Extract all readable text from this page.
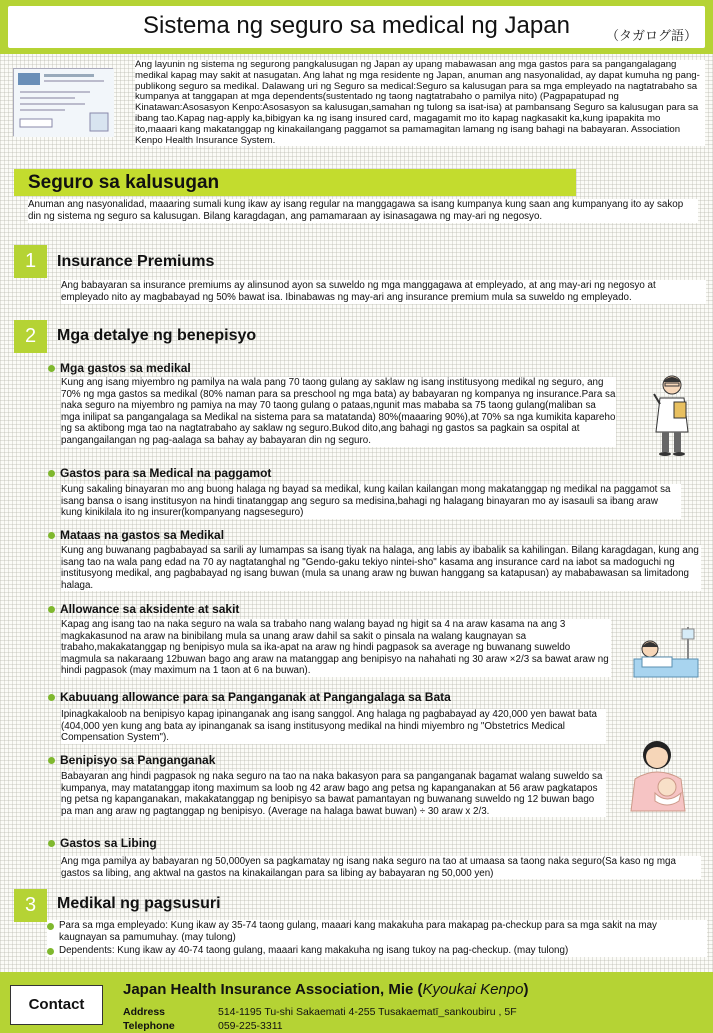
Sistema ng seguro sa medical ng Japan	（タガログ語）
Ang layunin ng sistema ng segurong pangkalusugan ng Japan ay upang mabawasan ang mga gastos para sa pangangalagang medikal kapag may sakit at nasugatan. Ang lahat ng mga residente ng Japan, anuman ang nasyonalidad, ay dapat kumuha ng pang-publikong seguro sa medikal. Dalawang uri ng Seguro sa medical:Seguro sa kalusugan para sa mga empleyado na nagtatrabaho sa kumpanya at tanggapan at mga dependents(sustentado ng taong nagtatrabaho o pamilya nito) (Pagpapatupad ng Kinatawan:Asosasyon Kenpo:Asosasyon sa kalusugan,samahan ng tulong sa isat-isa) at pambansang Seguro sa kalusugan para sa ibang tao.Kapag nag-apply ka,bibigyan ka ng isang insured card, magagamit mo ito kapag nagkasakit ka,kung ipapakita mo ito,maaari kang makatanggap ng kinakailangang paggamot sa pamamagitan lamang ng isang bahagi na babayaran. Association Kenpo Health Insurance System.
Seguro sa kalusugan
Anuman ang nasyonalidad, maaaring sumali kung ikaw ay isang regular na manggagawa sa isang kumpanya kung saan ang kumpanyang ito ay sakop din ng sistema ng seguro sa kalusugan. Bilang karagdagan, ang pamamaraan ay isinasagawa ng may-ari ng negosyo.
1	Insurance Premiums
Ang babayaran sa insurance premiums ay alinsunod ayon sa suweldo ng mga manggagawa at empleyado, at ang may-ari ng negosyo at empleyado nito ay magbabayad ng 50% bawat isa. Ibinabawas ng may-ari ang insurance premium mula sa suweldo ng empleyado.
2	Mga detalye ng benepisyo
Mga gastos sa medikal
Kung ang isang miyembro ng pamilya na wala pang 70 taong gulang ay saklaw ng isang institusyong medikal ng seguro, ang 70% ng mga gastos sa medikal (80% naman para sa preschool ng mga bata) ay babayaran ng kompanya ng insurance.Para sa naka seguro na miyembro ng pamiya na may 70 taong gulang o pataas,ngunit mas mababa sa 75 taong gulang(maliban sa mga inilipat sa pangangalaga sa Medikal na sistema para sa matatanda) 80%(maaaring 90%),at 70% sa nga kumikita kapareho ng sa aktibong mga tao na nagtatrabaho ay saklaw ng seguro.Bukod dito,ang bahagi ng gastos sa pagkain sa ospital at pangangailangan ng pag-aalaga sa bahay ay babayaran din ng seguro.
Gastos para sa Medical na paggamot
Kung sakaling binayaran mo ang buong halaga ng bayad sa medikal, kung kailan kailangan mong makatanggap ng medikal na paggamot sa isang bansa o isang institusyon na hindi tinatanggap ang seguro sa medisina,bahagi ng halagang binayaran mo ay isasauli sa ibang araw kung kinikilala ito ng insurer(kompanyang nagseseguro)
Mataas na gastos sa Medikal
Kung ang buwanang pagbabayad sa sarili ay lumampas sa isang tiyak na halaga, ang labis ay ibabalik sa kahilingan. Bilang karagdagan, kung ang isang tao na wala pang edad na 70 ay nagtatanghal ng "Gendo-gaku tekiyo nintei-sho" kasama ang insurance card na iabot sa madoguchi ng institusyong medikal, ang pagbabayad ng isang buwan (mula sa unang araw ng buwan hanggang sa katapusan) ay mababawasan sa limitadong halaga.
Allowance sa aksidente at sakit
Kapag ang isang tao na naka seguro na wala sa trabaho nang walang bayad ng higit sa 4 na araw kasama na ang 3 magkakasunod na araw na binibilang mula sa unang araw dahil sa sakit o pinsala na walang kaugnayan sa trabaho,makakatanggap ng benipisyo mula sa ika-apat na araw ng hindi pagpasok sa average ng buwanang suweldo magmula sa nakaraang 12buwan bago ang araw na matanggap ang benipisyo na nahahati ng 30 araw ×2/3 sa bawat araw ng hindi pagpasok (may maximum na 1 taon at 6 na buwan).
Kabuuang allowance para sa Panganganak at Pangangalaga sa Bata
Ipinagkakaloob na benipisyo kapag ipinanganak ang isang sanggol. Ang halaga ng pagbabayad ay 420,000 yen bawat bata (404,000 yen kung ang bata ay ipinanganak sa isang institusyong medikal na hindi miyembro ng "Obstetrics Medical Compensation System").
Benipisyo sa Panganganak
Babayaran ang hindi pagpasok ng naka seguro na tao na naka bakasyon para sa panganganak bagamat walang suweldo sa kumpanya, may matatanggap itong maximum sa loob ng 42 araw bago ang petsa ng kapanganakan at 56 araw pagkatapos ng petsa ng kapanganakan, makakatanggap ng benipisyo sa bawat pamantayan ng buwanang suweldo ng 12 buwan bago pa man ang araw ng pagtanggap ng benipisyo. (Average na halaga bawat buwan) ÷ 30 araw x 2/3.
Gastos sa Libing
Ang mga pamilya ay babayaran ng 50,000yen sa pagkamatay ng isang naka seguro na tao at umaasa sa taong naka seguro(Sa kaso ng mga gastos sa libing, ang aktwal na gastos na kinakailangan para sa libing ay babayaran ng 50,000 yen)
3	Medikal ng pagsusuri
Para sa mga empleyado: Kung ikaw ay 35-74 taong gulang, maaari kang makakuha para makapag pa-checkup para sa mga sakit na may kaugnayan sa pamumuhay. (may tulong)
Dependents: Kung ikaw ay 40-74 taong gulang, maaari kang makakuha ng isang tukoy na pag-checkup. (may tulong)
Contact
Japan Health Insurance Association, Mie (Kyoukai Kenpo)
Address	514-1195 Tu-shi Sakaemati 4-255 Tusakaematī_sankoubiru , 5F
Telephone	059-225-3311
